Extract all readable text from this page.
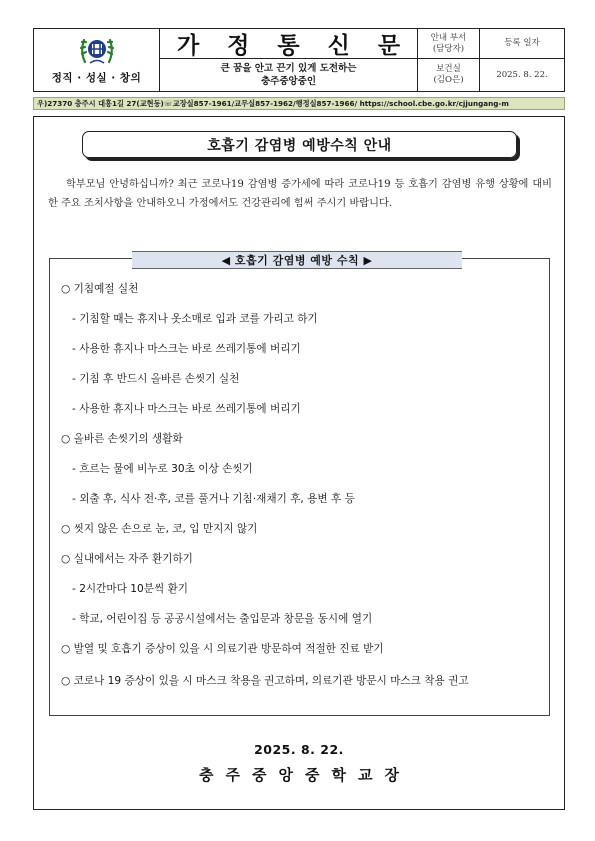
정직 · 성실 · 창의
가 정 통 신 문
큰 꿈을 안고 끈기 있게 도전하는
충주중앙중인
안내 부서
(담당자)
등록 일자
보건실
(김O은)
2025. 8. 22.
우)27370 충주시 대흥1길 27(교현동)☏교장실857-1961/교무실857-1962/행정실857-1966/ https://school.cbe.go.kr/cjjungang-m
호흡기 감염병 예방수칙 안내

학부모님 안녕하십니까? 최근 코로나19 감염병 증가세에 따라 코로나19 등 호흡기 감염병 유행 상황에 대비한 주요 조치사항을 안내하오니 가정에서도 건강관리에 힘써 주시기 바랍니다.

◀ 호흡기 감염병 예방 수칙 ▶
○ 기침예절 실천
- 기침할 때는 휴지나 옷소매로 입과 코를 가리고 하기
- 사용한 휴지나 마스크는 바로 쓰레기통에 버리기
- 기침 후 반드시 올바른 손씻기 실천
- 사용한 휴지나 마스크는 바로 쓰레기통에 버리기
○ 올바른 손씻기의 생활화
- 흐르는 물에 비누로 30초 이상 손씻기
- 외출 후, 식사 전·후, 코를 풀거나 기침·재채기 후, 용변 후 등
○ 씻지 않은 손으로 눈, 코, 입 만지지 않기
○ 실내에서는 자주 환기하기
- 2시간마다 10분씩 환기
- 학교, 어린이집 등 공공시설에서는 출입문과 창문을 동시에 열기
○ 발열 및 호흡기 증상이 있을 시 의료기관 방문하여 적절한 진료 받기
○ 코로나 19 증상이 있을 시 마스크 착용을 권고하며, 의료기관 방문시 마스크 착용 권고
2025. 8. 22.
충주중앙중학교장
